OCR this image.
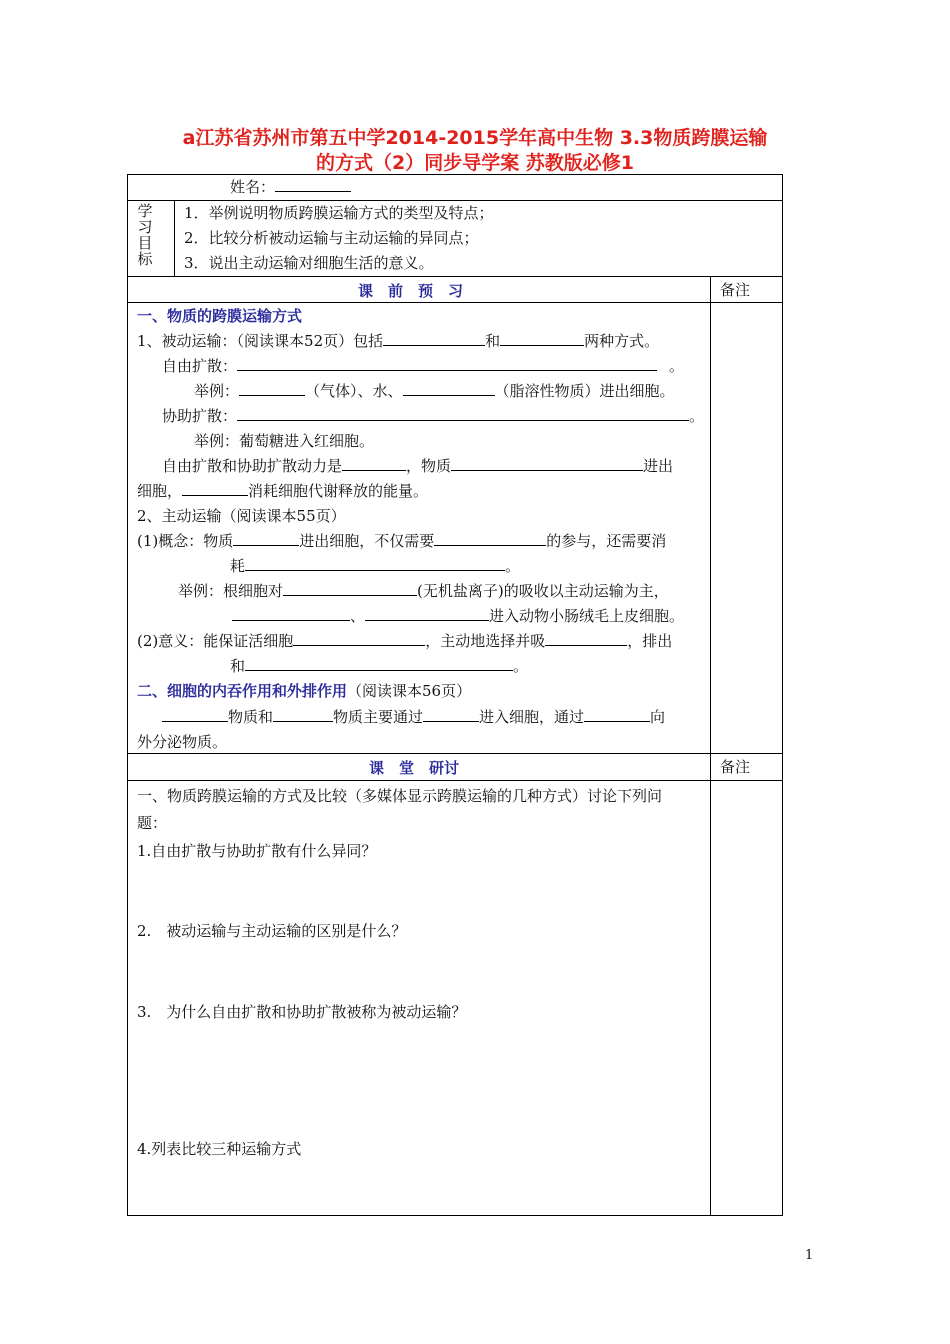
a江苏省苏州市第五中学2014-2015学年高中生物 3.3物质跨膜运输
的方式（2）同步导学案 苏教版必修1
姓名：
学
习
目
标
1．举例说明物质跨膜运输方式的类型及特点；
2．比较分析被动运输与主动运输的异同点；
3．说出主动运输对细胞生活的意义。
课　前　预　习	备注
一、物质的跨膜运输方式
1、被动运输：（阅读课本52页）包括	和	两种方式。
自由扩散：	。
举例：	（气体）、水、	（脂溶性物质）进出细胞。
协助扩散：	。
举例：葡萄糖进入红细胞。
自由扩散和协助扩散动力是	，物质	进出
细胞，	消耗细胞代谢释放的能量。
2、主动运输（阅读课本55页）
(1)概念：物质	进出细胞，不仅需要	的参与，还需要消
耗	。
举例：根细胞对	(无机盐离子)的吸收以主动运输为主，
、	进入动物小肠绒毛上皮细胞。
(2)意义：能保证活细胞	，主动地选择并吸	，排出
和	。
二、细胞的内吞作用和外排作用（阅读课本56页）
物质和	物质主要通过	进入细胞，通过	向
外分泌物质。
课　堂　研讨	备注
一、物质跨膜运输的方式及比较（多媒体显示跨膜运输的几种方式）讨论下列问
题：
1.自由扩散与协助扩散有什么异同？
2.　被动运输与主动运输的区别是什么？
3.　为什么自由扩散和协助扩散被称为被动运输？
4.列表比较三种运输方式
1
